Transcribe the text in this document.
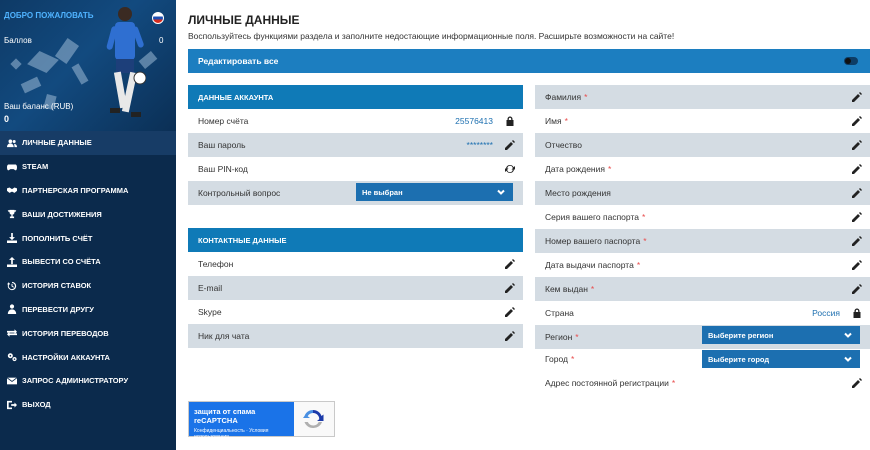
ДОБРО ПОЖАЛОВАТЬ
Баллов	0
Ваш баланс (RUB)
0
ЛИЧНЫЕ ДАННЫЕ
STEAM
ПАРТНЕРСКАЯ ПРОГРАММА
ВАШИ ДОСТИЖЕНИЯ
ПОПОЛНИТЬ СЧЁТ
ВЫВЕСТИ СО СЧЁТА
ИСТОРИЯ СТАВОК
ПЕРЕВЕСТИ ДРУГУ
ИСТОРИЯ ПЕРЕВОДОВ
НАСТРОЙКИ АККАУНТА
ЗАПРОС АДМИНИСТРАТОРУ
ВЫХОД
ЛИЧНЫЕ ДАННЫЕ
Воспользуйтесь функциями раздела и заполните недостающие информационные поля. Расширьте возможности на сайте!
Редактировать все
ДАННЫЕ АККАУНТА
Номер счёта	25576413
Ваш пароль	********
Ваш PIN-код
Контрольный вопрос	Не выбран
КОНТАКТНЫЕ ДАННЫЕ
Телефон
E-mail
Skype
Ник для чата
Фамилия *
Имя *
Отчество
Дата рождения *
Место рождения
Серия вашего паспорта *
Номер вашего паспорта *
Дата выдачи паспорта *
Кем выдан *
Страна	Россия
Регион *	Выберите регион
Город *	Выберите город
Адрес постоянной регистрации *
защита от спама reCAPTCHA
Конфиденциальность · Условия использования
